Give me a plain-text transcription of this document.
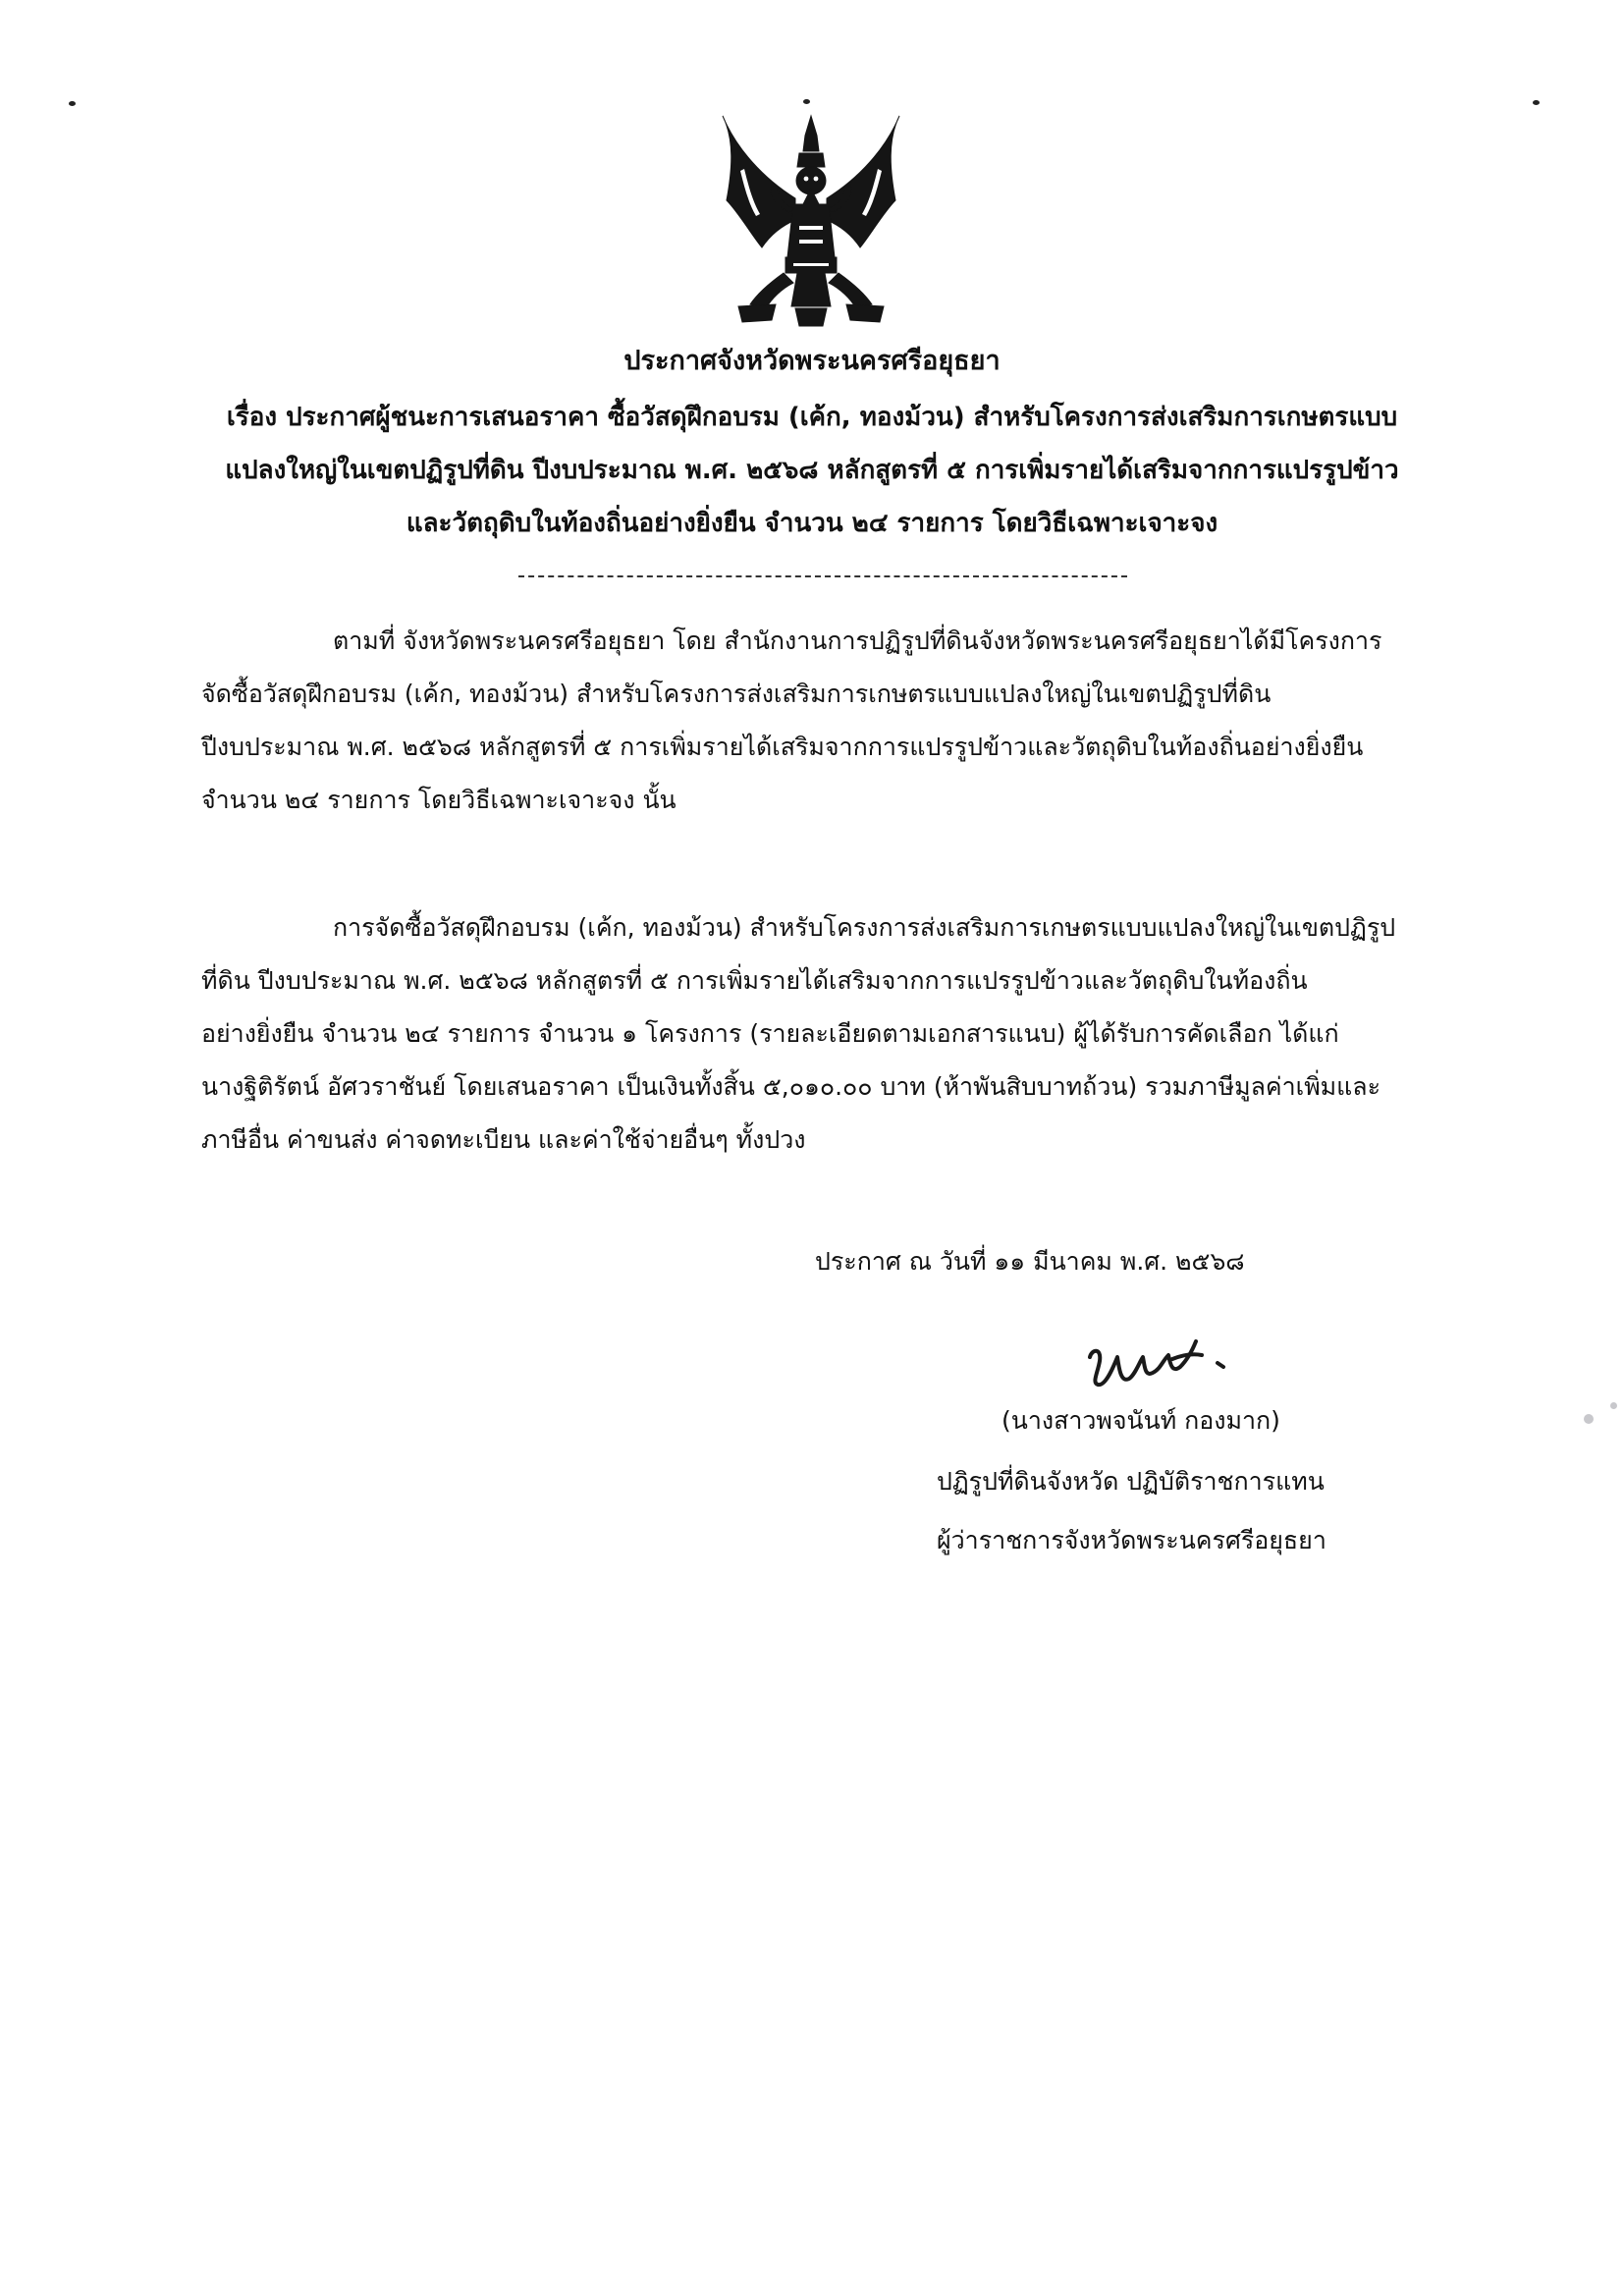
ประกาศจังหวัดพระนครศรีอยุธยา
เรื่อง ประกาศผู้ชนะการเสนอราคา ซื้อวัสดุฝึกอบรม (เค้ก, ทองม้วน) สำหรับโครงการส่งเสริมการเกษตรแบบ
แปลงใหญ่ในเขตปฏิรูปที่ดิน ปีงบประมาณ พ.ศ. ๒๕๖๘ หลักสูตรที่ ๕ การเพิ่มรายได้เสริมจากการแปรรูปข้าว
และวัตถุดิบในท้องถิ่นอย่างยิ่งยืน จำนวน ๒๔ รายการ โดยวิธีเฉพาะเจาะจง
ตามที่ จังหวัดพระนครศรีอยุธยา โดย สำนักงานการปฏิรูปที่ดินจังหวัดพระนครศรีอยุธยาได้มีโครงการ
จัดซื้อวัสดุฝึกอบรม (เค้ก, ทองม้วน) สำหรับโครงการส่งเสริมการเกษตรแบบแปลงใหญ่ในเขตปฏิรูปที่ดิน
ปีงบประมาณ พ.ศ. ๒๕๖๘ หลักสูตรที่ ๕ การเพิ่มรายได้เสริมจากการแปรรูปข้าวและวัตถุดิบในท้องถิ่นอย่างยิ่งยืน
จำนวน ๒๔ รายการ โดยวิธีเฉพาะเจาะจง นั้น
การจัดซื้อวัสดุฝึกอบรม (เค้ก, ทองม้วน) สำหรับโครงการส่งเสริมการเกษตรแบบแปลงใหญ่ในเขตปฏิรูป
ที่ดิน ปีงบประมาณ พ.ศ. ๒๕๖๘ หลักสูตรที่ ๕ การเพิ่มรายได้เสริมจากการแปรรูปข้าวและวัตถุดิบในท้องถิ่น
อย่างยิ่งยืน จำนวน ๒๔ รายการ จำนวน ๑ โครงการ (รายละเอียดตามเอกสารแนบ) ผู้ได้รับการคัดเลือก ได้แก่
นางฐิติรัตน์ อัศวราชันย์ โดยเสนอราคา เป็นเงินทั้งสิ้น ๕,๐๑๐.๐๐ บาท (ห้าพันสิบบาทถ้วน) รวมภาษีมูลค่าเพิ่มและ
ภาษีอื่น ค่าขนส่ง ค่าจดทะเบียน และค่าใช้จ่ายอื่นๆ ทั้งปวง
ประกาศ ณ วันที่ ๑๑ มีนาคม พ.ศ. ๒๕๖๘
(นางสาวพจนันท์ กองมาก)
ปฏิรูปที่ดินจังหวัด ปฏิบัติราชการแทน
ผู้ว่าราชการจังหวัดพระนครศรีอยุธยา
